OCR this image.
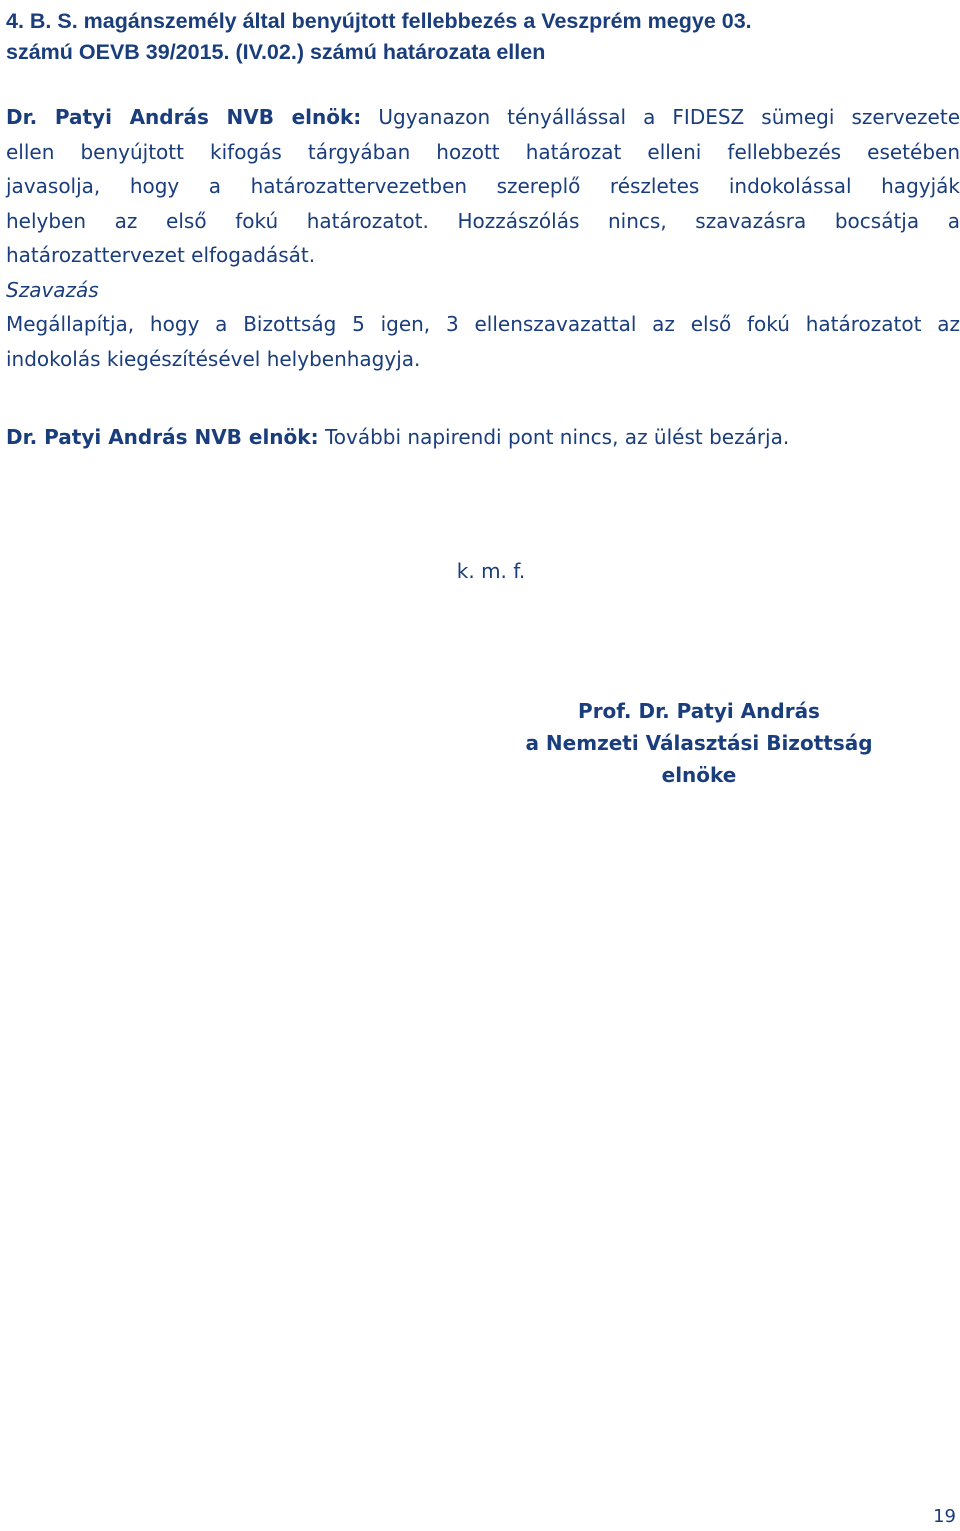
4. B. S. magánszemély által benyújtott fellebbezés a Veszprém megye 03.
számú OEVB 39/2015. (IV.02.) számú határozata ellen
Dr. Patyi András NVB elnök: Ugyanazon tényállással a FIDESZ sümegi szervezete
ellen benyújtott kifogás tárgyában hozott határozat elleni fellebbezés esetében
javasolja, hogy a határozattervezetben szereplő részletes indokolással hagyják
helyben az első fokú határozatot. Hozzászólás nincs, szavazásra bocsátja a
határozattervezet elfogadását.
Szavazás
Megállapítja, hogy a Bizottság 5 igen, 3 ellenszavazattal az első fokú határozatot az
indokolás kiegészítésével helybenhagyja.
Dr. Patyi András NVB elnök: További napirendi pont nincs, az ülést bezárja.
k. m. f.
Prof. Dr. Patyi András
a Nemzeti Választási Bizottság
elnöke
19
